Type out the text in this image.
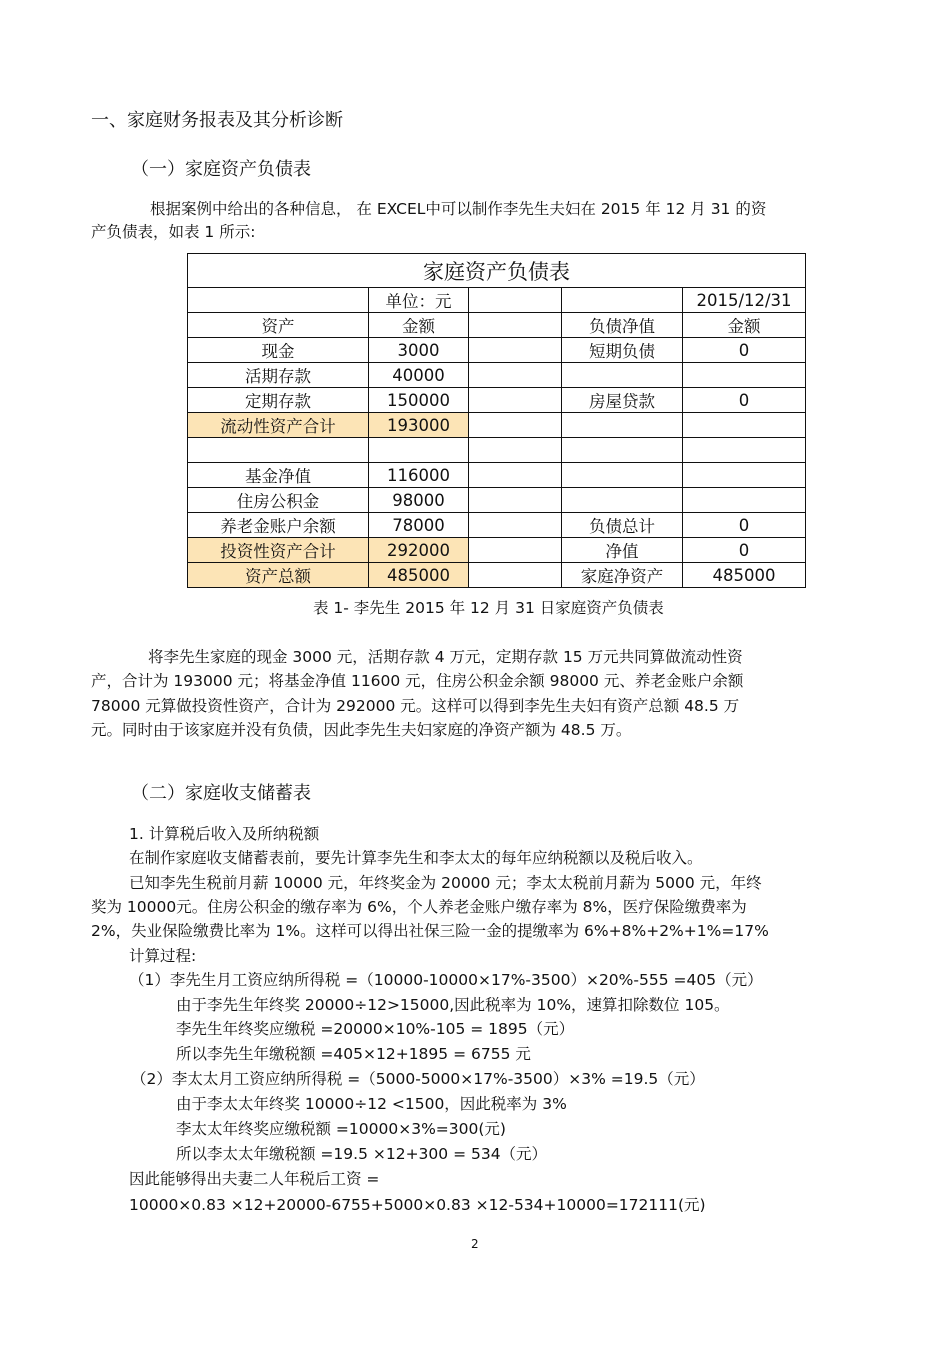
一、家庭财务报表及其分析诊断
（一）家庭资产负债表
根据案例中给出的各种信息， 在 EXCEL中可以制作李先生夫妇在 2015 年 12 月 31 的资
产负债表，如表 1 所示:
家庭资产负债表				
	单位：元			2015/12/31
资产	金额		负债净值	金额
现金	3000		短期负债	0
活期存款	40000			
定期存款	150000		房屋贷款	0
流动性资产合计	193000			

基金净值	116000			
住房公积金	98000			
养老金账户余额	78000		负债总计	0
投资性资产合计	292000		净值	0
资产总额	485000		家庭净资产	485000
表 1- 李先生 2015 年 12 月 31 日家庭资产负债表
将李先生家庭的现金 3000 元，活期存款 4 万元，定期存款 15 万元共同算做流动性资
产，合计为 193000 元；将基金净值 11600 元，住房公积金余额 98000 元、养老金账户余额
78000 元算做投资性资产，合计为 292000 元。这样可以得到李先生夫妇有资产总额 48.5 万
元。同时由于该家庭并没有负债，因此李先生夫妇家庭的净资产额为 48.5 万。
（二）家庭收支储蓄表
1. 计算税后收入及所纳税额
在制作家庭收支储蓄表前，要先计算李先生和李太太的每年应纳税额以及税后收入。
已知李先生税前月薪 10000 元，年终奖金为 20000 元；李太太税前月薪为 5000 元，年终
奖为 10000元。住房公积金的缴存率为 6%，个人养老金账户缴存率为 8%，医疗保险缴费率为
2%，失业保险缴费比率为 1%。这样可以得出社保三险一金的提缴率为 6%+8%+2%+1%=17%
计算过程:
（1）李先生月工资应纳所得税 =（10000-10000×17%-3500）×20%-555 =405（元）
由于李先生年终奖 20000÷12>15000,因此税率为 10%，速算扣除数位 105。
李先生年终奖应缴税 =20000×10%-105 = 1895（元）
所以李先生年缴税额 =405×12+1895 = 6755 元
（2）李太太月工资应纳所得税 =（5000-5000×17%-3500）×3% =19.5（元）
由于李太太年终奖 10000÷12 <1500，因此税率为 3%
李太太年终奖应缴税额 =10000×3%=300(元)
所以李太太年缴税额 =19.5 ×12+300 = 534（元）
因此能够得出夫妻二人年税后工资 =
10000×0.83 ×12+20000-6755+5000×0.83 ×12-534+10000=172111(元)
2
